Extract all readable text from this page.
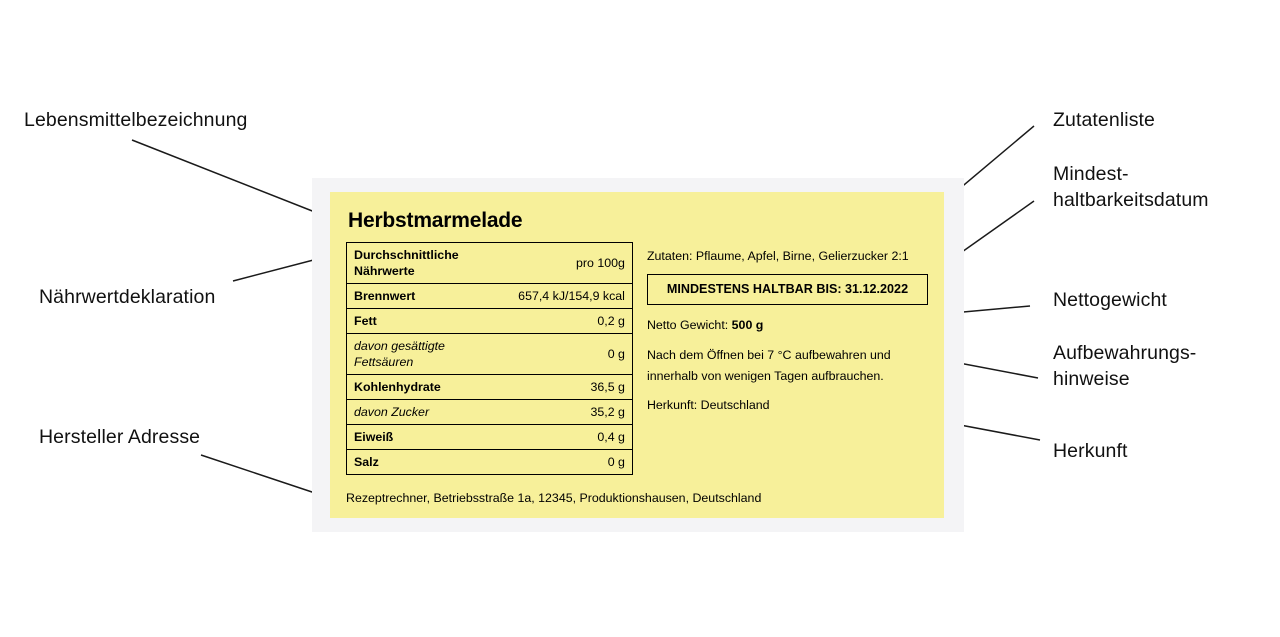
Lebensmittelbezeichnung
Nährwertdeklaration
Hersteller Adresse
Zutatenliste
Mindest-
haltbarkeitsdatum
Nettogewicht
Aufbewahrungs-
hinweise
Herkunft
Herbstmarmelade
Durchschnittliche
Nährwerte	pro 100g
Brennwert	657,4 kJ/154,9 kcal
Fett	0,2 g
davon gesättigte
Fettsäuren	0 g
Kohlenhydrate	36,5 g
davon Zucker	35,2 g
Eiweiß	0,4 g
Salz	0 g
Zutaten: Pflaume, Apfel, Birne, Gelierzucker 2:1
MINDESTENS HALTBAR BIS: 31.12.2022
Netto Gewicht: 500 g
Nach dem Öffnen bei 7 °C aufbewahren und innerhalb von wenigen Tagen aufbrauchen.
Herkunft: Deutschland
Rezeptrechner, Betriebsstraße 1a, 12345, Produktionshausen, Deutschland
